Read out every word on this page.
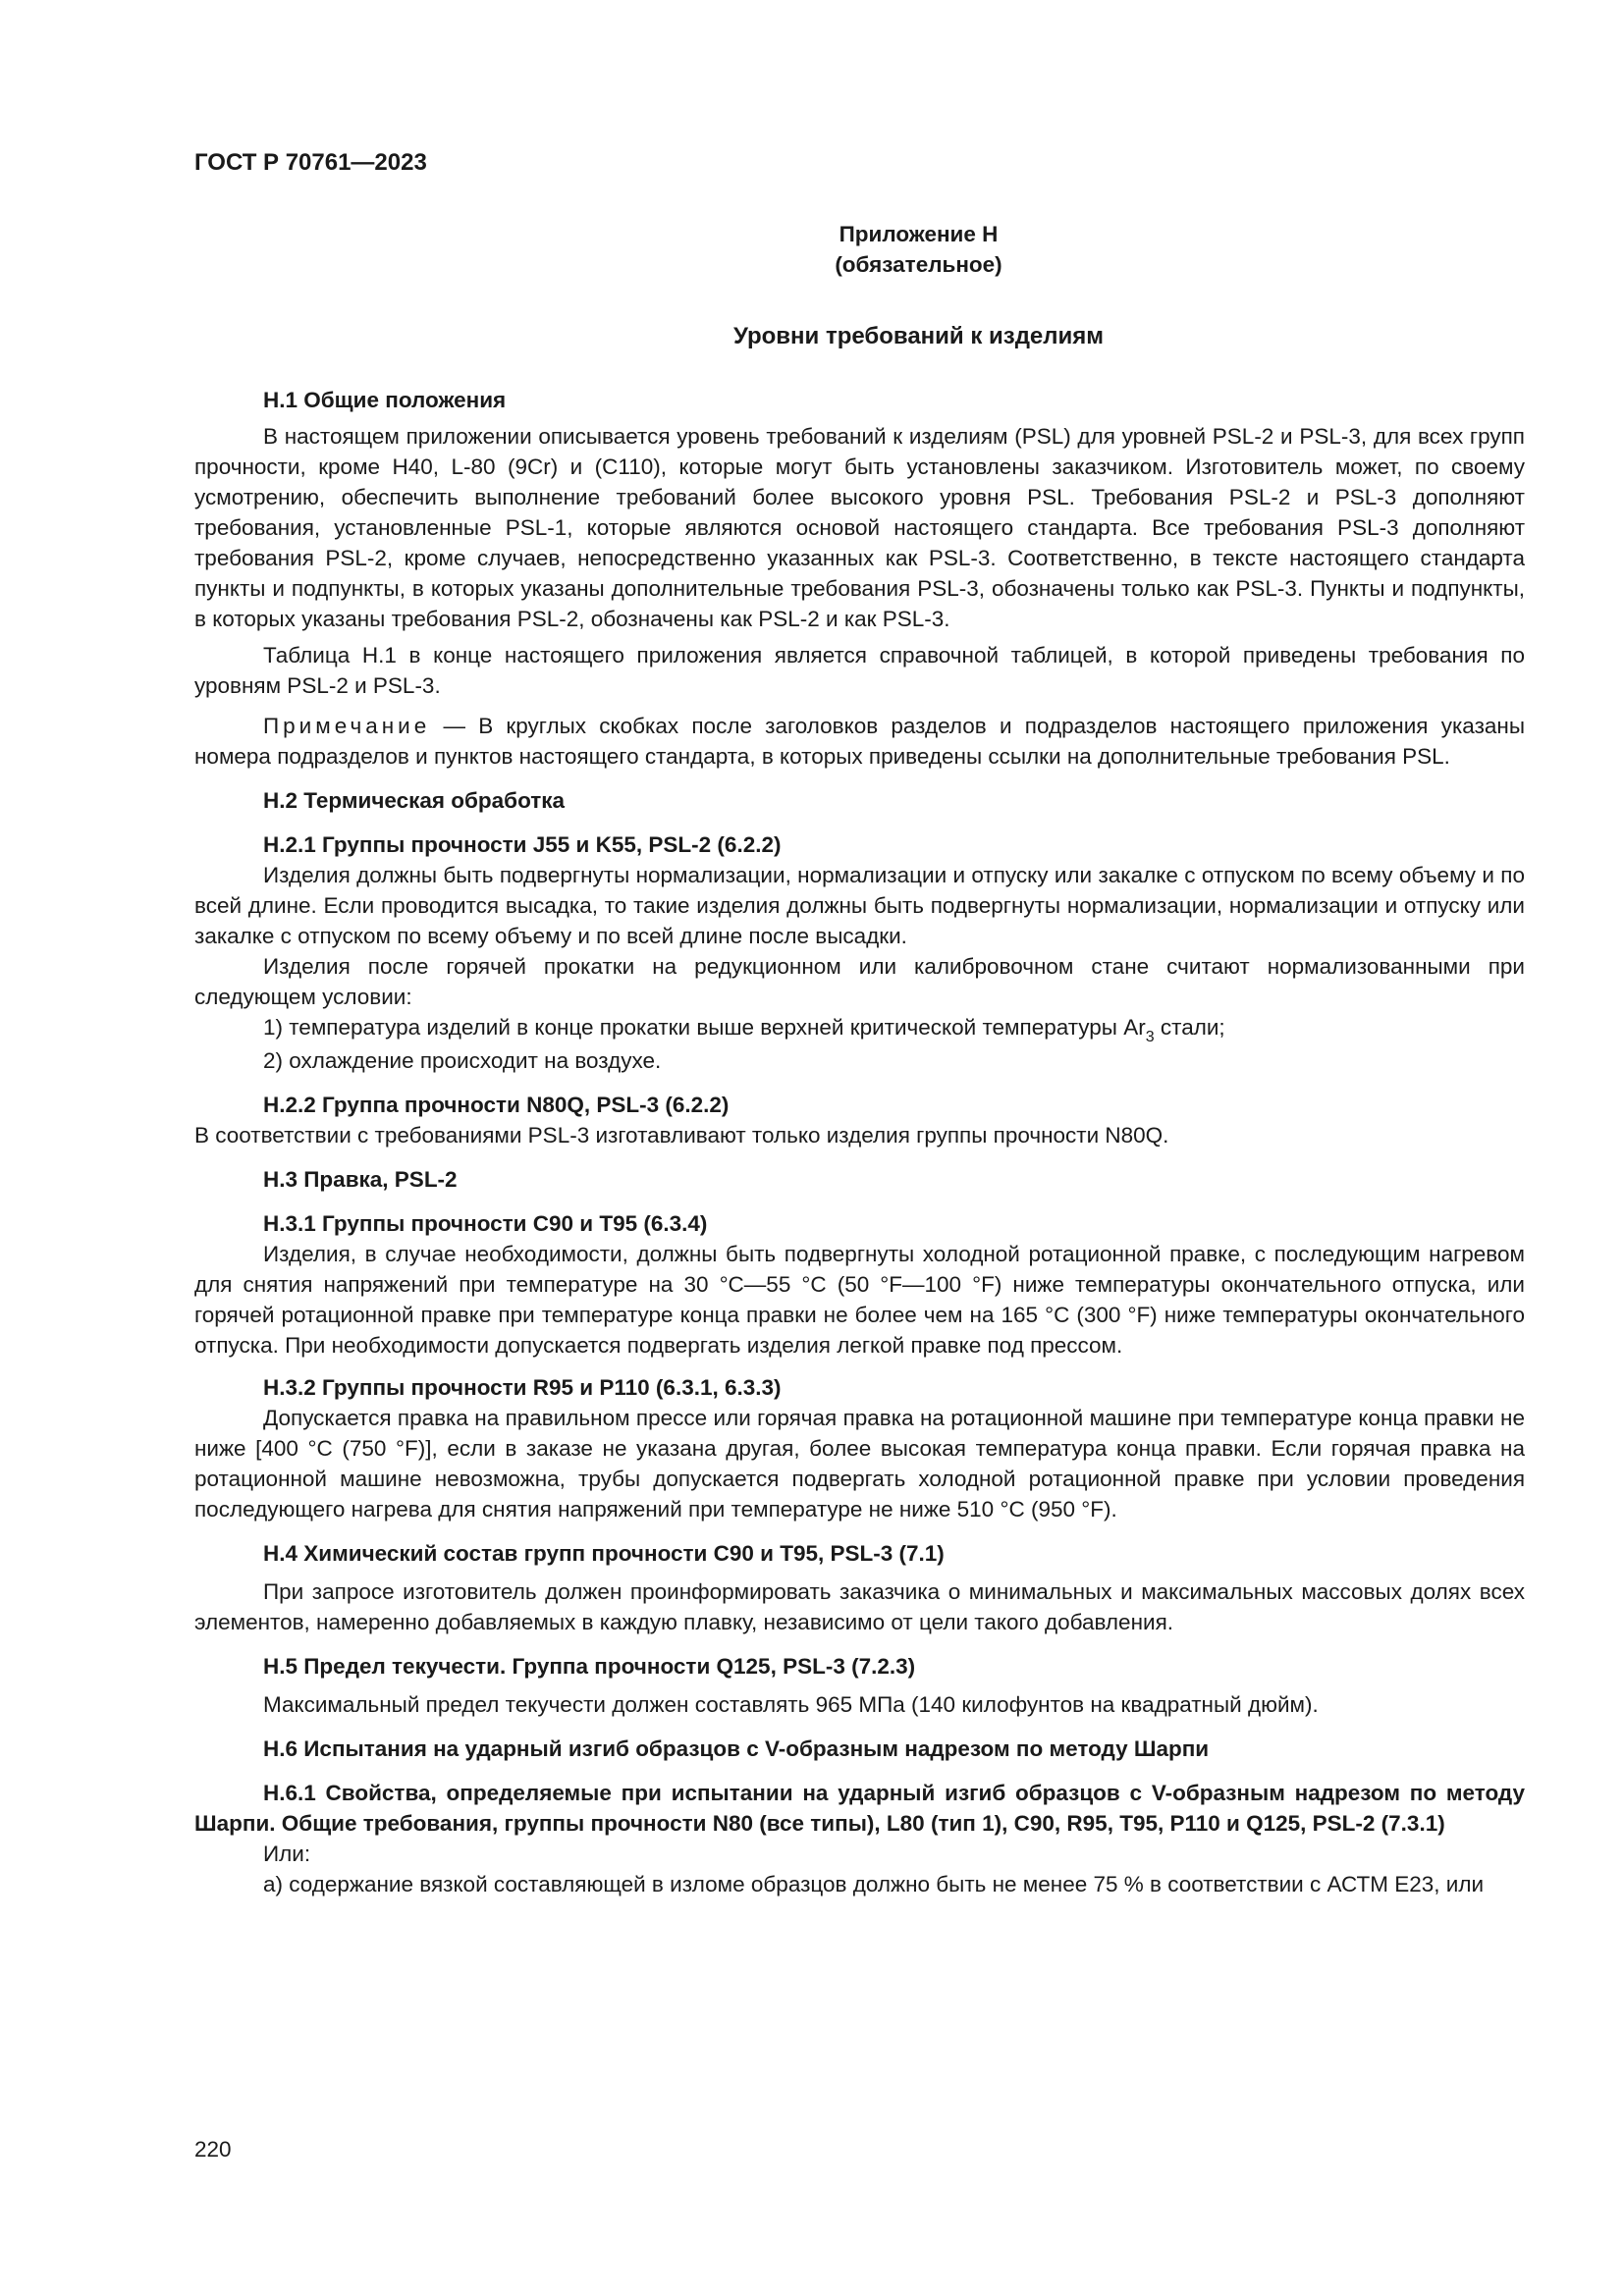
ГОСТ Р 70761—2023
Приложение Н
(обязательное)
Уровни требований к изделиям
Н.1 Общие положения
В настоящем приложении описывается уровень требований к изделиям (PSL) для уровней PSL-2 и PSL-3, для всех групп прочности, кроме H40, L-80 (9Cr) и (С110), которые могут быть установлены заказчиком. Изготовитель может, по своему усмотрению, обеспечить выполнение требований более высокого уровня PSL. Требования PSL-2 и PSL-3 дополняют требования, установленные PSL-1, которые являются основой настоящего стандарта. Все требования PSL-3 дополняют требования PSL-2, кроме случаев, непосредственно указанных как PSL-3. Соответственно, в тексте настоящего стандарта пункты и подпункты, в которых указаны дополнительные требования PSL-3, обозначены только как PSL-3. Пункты и подпункты, в которых указаны требования PSL-2, обозначены как PSL-2 и как PSL-3.
Таблица Н.1 в конце настоящего приложения является справочной таблицей, в которой приведены требования по уровням PSL-2 и PSL-3.
Примечание — В круглых скобках после заголовков разделов и подразделов настоящего приложения указаны номера подразделов и пунктов настоящего стандарта, в которых приведены ссылки на дополнительные требования PSL.
Н.2 Термическая обработка
Н.2.1 Группы прочности J55 и K55, PSL-2 (6.2.2)
Изделия должны быть подвергнуты нормализации, нормализации и отпуску или закалке с отпуском по всему объему и по всей длине. Если проводится высадка, то такие изделия должны быть подвергнуты нормализации, нормализации и отпуску или закалке с отпуском по всему объему и по всей длине после высадки.
Изделия после горячей прокатки на редукционном или калибровочном стане считают нормализованными при следующем условии:
1) температура изделий в конце прокатки выше верхней критической температуры $Ar_3$ стали;
2) охлаждение происходит на воздухе.
Н.2.2 Группа прочности N80Q, PSL-3 (6.2.2)
В соответствии с требованиями PSL-3 изготавливают только изделия группы прочности N80Q.
Н.3 Правка, PSL-2
Н.3.1 Группы прочности С90 и Т95 (6.3.4)
Изделия, в случае необходимости, должны быть подвергнуты холодной ротационной правке, с последующим нагревом для снятия напряжений при температуре на 30 °С—55 °С (50 °F—100 °F) ниже температуры окончательного отпуска, или горячей ротационной правке при температуре конца правки не более чем на 165 °С (300 °F) ниже температуры окончательного отпуска. При необходимости допускается подвергать изделия легкой правке под прессом.
Н.3.2 Группы прочности R95 и Р110 (6.3.1, 6.3.3)
Допускается правка на правильном прессе или горячая правка на ротационной машине при температуре конца правки не ниже [400 °С (750 °F)], если в заказе не указана другая, более высокая температура конца правки. Если горячая правка на ротационной машине невозможна, трубы допускается подвергать холодной ротационной правке при условии проведения последующего нагрева для снятия напряжений при температуре не ниже 510 °С (950 °F).
Н.4 Химический состав групп прочности С90 и Т95, PSL-3 (7.1)
При запросе изготовитель должен проинформировать заказчика о минимальных и максимальных массовых долях всех элементов, намеренно добавляемых в каждую плавку, независимо от цели такого добавления.
Н.5 Предел текучести. Группа прочности Q125, PSL-3 (7.2.3)
Максимальный предел текучести должен составлять 965 МПа (140 килофунтов на квадратный дюйм).
Н.6 Испытания на ударный изгиб образцов с V-образным надрезом по методу Шарпи
Н.6.1 Свойства, определяемые при испытании на ударный изгиб образцов с V-образным надрезом по методу Шарпи. Общие требования, группы прочности N80 (все типы), L80 (тип 1), C90, R95, T95, P110 и Q125, PSL-2 (7.3.1)
Или:
a) содержание вязкой составляющей в изломе образцов должно быть не менее 75 % в соответствии с АСТМ Е23, или
220
